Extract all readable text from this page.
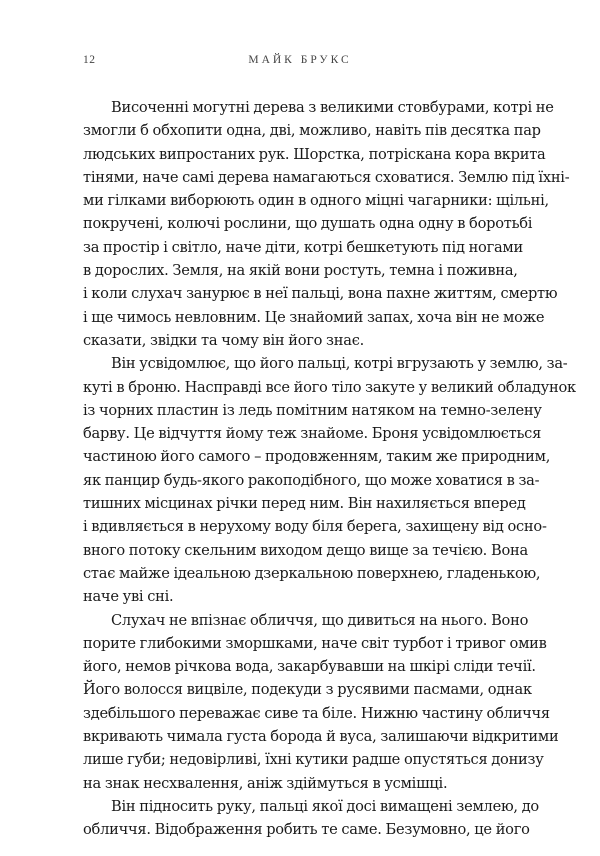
12	МАЙК БРУКС
Височенні могутні дерева з великими стовбурами, котрі не
змогли б обхопити одна, дві, можливо, навіть пів десятка пар
людських випростаних рук. Шорстка, потріскана кора вкрита
тінями, наче самі дерева намагаються сховатися. Землю під їхні-
ми гілками виборюють один в одного міцні чагарники: щільні,
покручені, колючі рослини, що душать одна одну в боротьбі
за простір і світло, наче діти, котрі бешкетують під ногами
в дорослих. Земля, на якій вони ростуть, темна і поживна,
і коли слухач занурює в неї пальці, вона пахне життям, смертю
і ще чимось невловним. Це знайомий запах, хоча він не може
сказати, звідки та чому він його знає.
Він усвідомлює, що його пальці, котрі вгрузають у землю, за-
куті в броню. Насправді все його тіло закуте у великий обладунок
із чорних пластин із ледь помітним натяком на темно-зелену
барву. Це відчуття йому теж знайоме. Броня усвідомлюється
частиною його самого – продовженням, таким же природним,
як панцир будь-якого ракоподібного, що може ховатися в за-
тишних місцинах річки перед ним. Він нахиляється вперед
і вдивляється в нерухому воду біля берега, захищену від осно-
вного потоку скельним виходом дещо вище за течією. Вона
стає майже ідеальною дзеркальною поверхнею, гладенькою,
наче уві сні.
Слухач не впізнає обличчя, що дивиться на нього. Воно
порите глибокими зморшками, наче світ турбот і тривог омив
його, немов річкова вода, закарбувавши на шкірі сліди течії.
Його волосся вицвіле, подекуди з русявими пасмами, однак
здебільшого переважає сиве та біле. Нижню частину обличчя
вкривають чимала густа борода й вуса, залишаючи відкритими
лише губи; недовірливі, їхні кутики радше опустяться донизу
на знак несхвалення, аніж здіймуться в усмішці.
Він підносить руку, пальці якої досі вимащені землею, до
обличчя. Відображення робить те саме. Безумовно, це його
